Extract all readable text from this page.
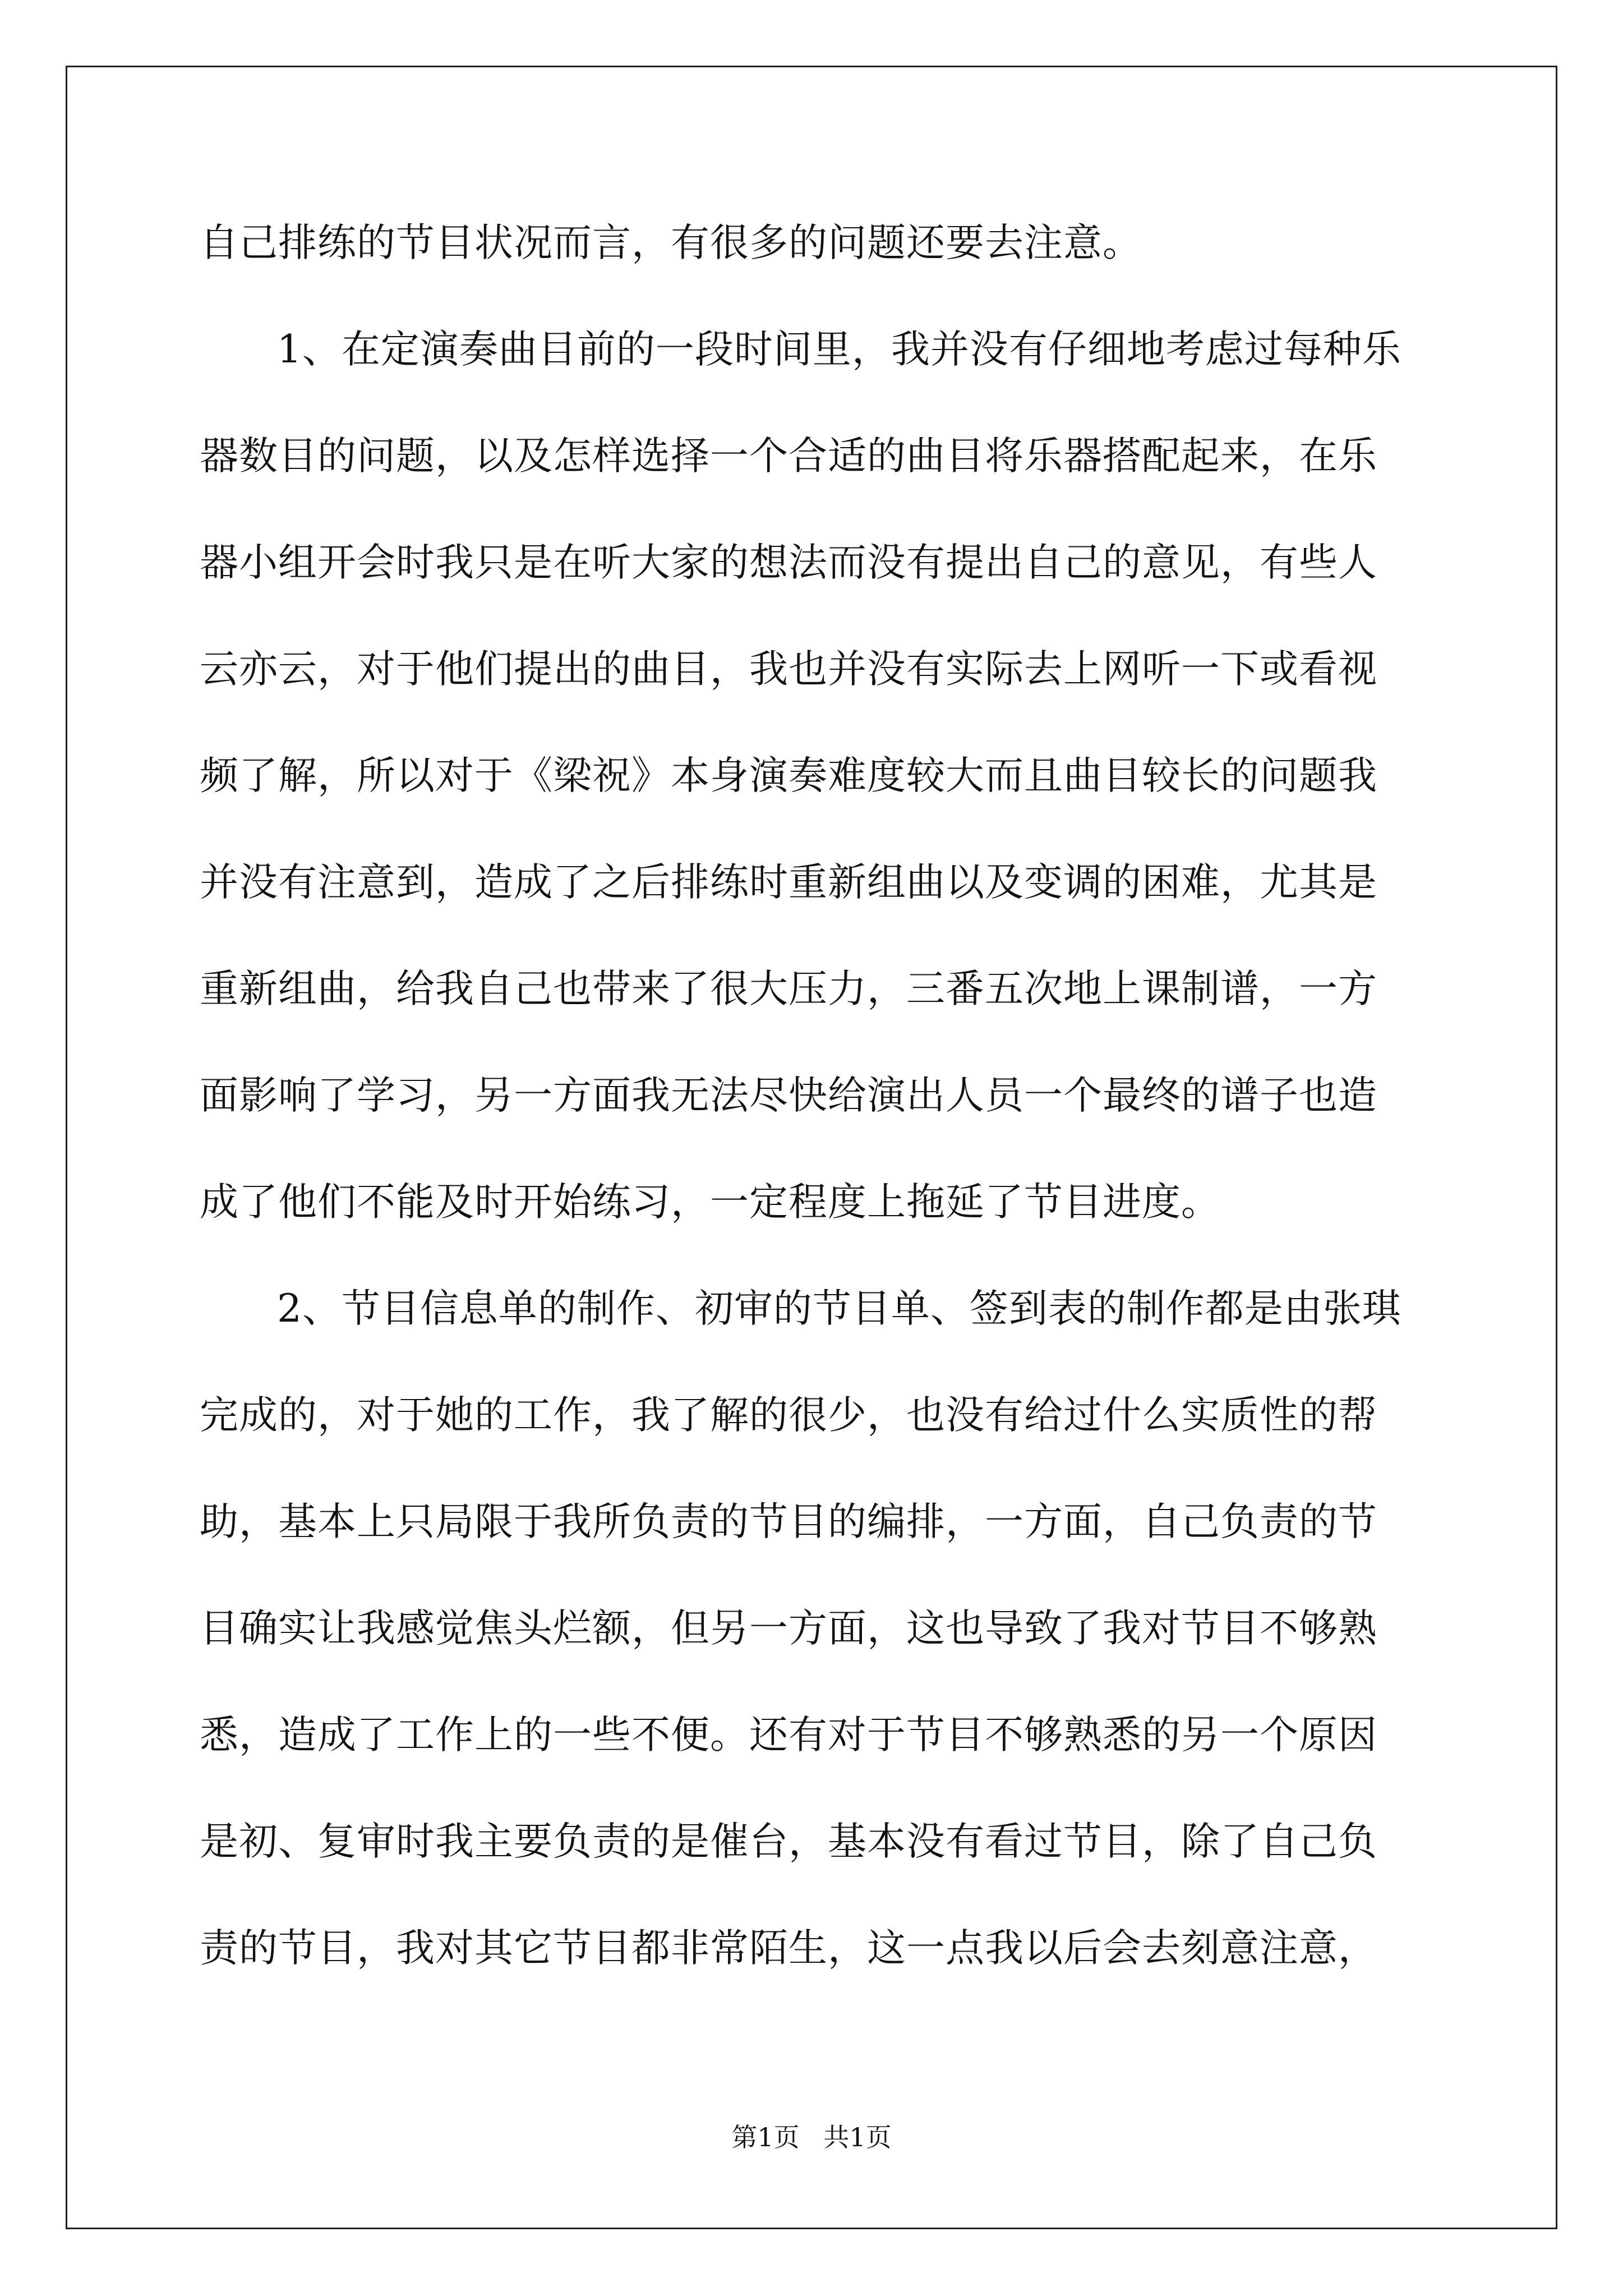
自己排练的节目状况而言，有很多的问题还要去注意。
1、在定演奏曲目前的一段时间里，我并没有仔细地考虑过每种乐
器数目的问题，以及怎样选择一个合适的曲目将乐器搭配起来，在乐
器小组开会时我只是在听大家的想法而没有提出自己的意见，有些人
云亦云，对于他们提出的曲目，我也并没有实际去上网听一下或看视
频了解，所以对于《梁祝》本身演奏难度较大而且曲目较长的问题我
并没有注意到，造成了之后排练时重新组曲以及变调的困难，尤其是
重新组曲，给我自己也带来了很大压力，三番五次地上课制谱，一方
面影响了学习，另一方面我无法尽快给演出人员一个最终的谱子也造
成了他们不能及时开始练习，一定程度上拖延了节目进度。
2、节目信息单的制作、初审的节目单、签到表的制作都是由张琪
完成的，对于她的工作，我了解的很少，也没有给过什么实质性的帮
助，基本上只局限于我所负责的节目的编排，一方面，自己负责的节
目确实让我感觉焦头烂额，但另一方面，这也导致了我对节目不够熟
悉，造成了工作上的一些不便。还有对于节目不够熟悉的另一个原因
是初、复审时我主要负责的是催台，基本没有看过节目，除了自己负
责的节目，我对其它节目都非常陌生，这一点我以后会去刻意注意，
第1页 共1页
